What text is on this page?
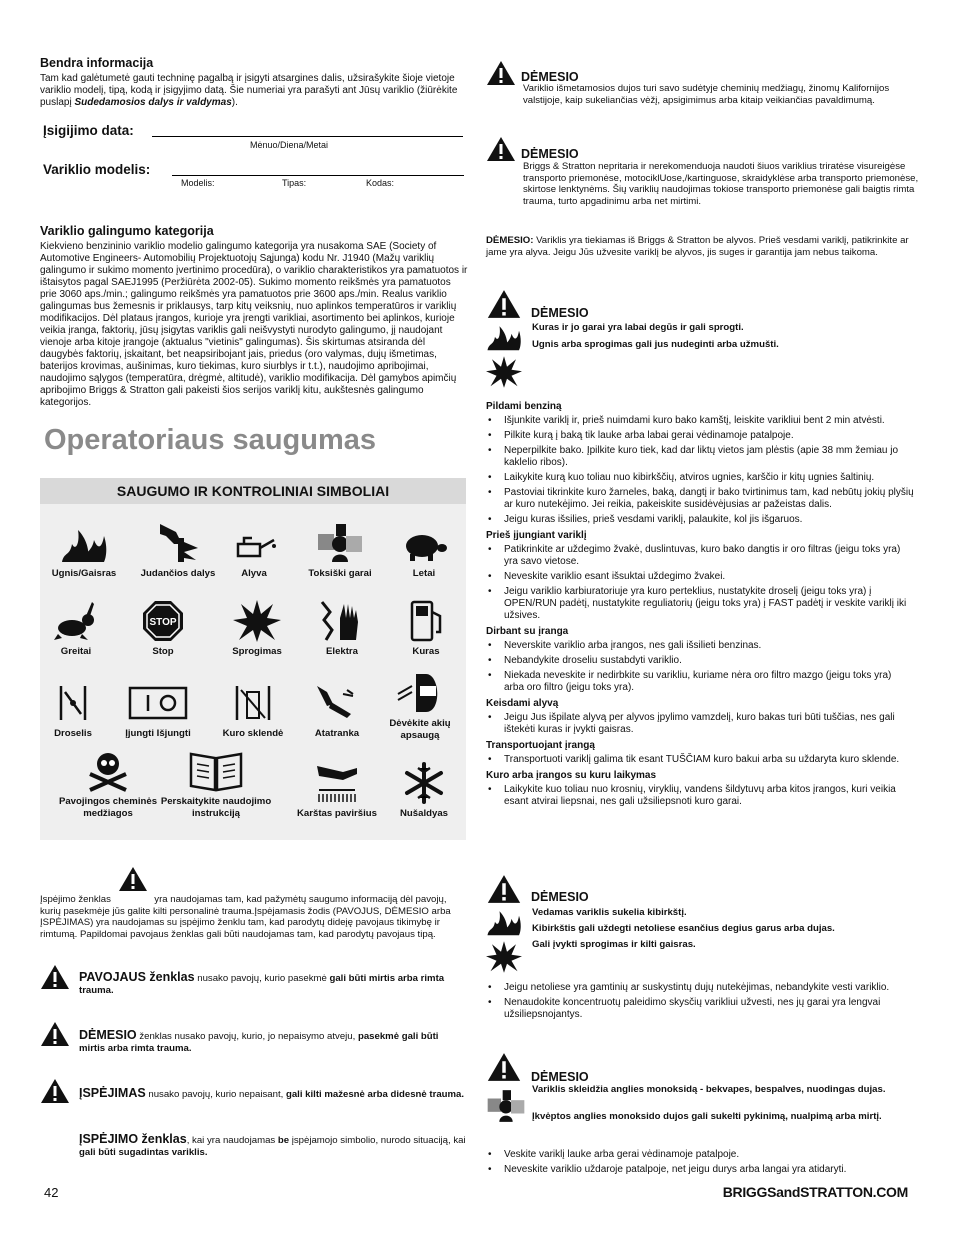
Bendra informacija
Tam kad galėtumetė gauti techninę pagalbą ir įsigyti atsargines dalis, užsirašykite šioje vietoje variklio modelį, tipą, kodą ir įsigyjimo datą. Šie numeriai yra parašyti ant Jūsų variklio (žiūrėkite puslapį Sudedamosios dalys ir valdymas).
Įsigijimo data:
Mėnuo/Diena/Metai
Variklio modelis:
Modelis:	Tipas:	Kodas:
Variklio galingumo kategorija
Kiekvieno benzininio variklio modelio galingumo kategorija yra nusakoma SAE (Society of Automotive Engineers- Automobilių Projektuotojų Sąjunga) kodu Nr. J1940 (Mažų variklių galingumo ir sukimo momento įvertinimo procedūra), o variklio charakteristikos yra pamatuotos ir ištaisytos pagal SAEJ1995 (Peržiūrėta 2002-05). Sukimo momento reikšmės yra pamatuotos prie 3060 aps./min.; galingumo reikšmės yra pamatuotos prie 3600 aps./min. Realus variklio galingumas bus žemesnis ir priklausys, tarp kitų veiksnių, nuo aplinkos temperatūros ir variklių modifikacijos. Dėl plataus įrangos, kurioje yra įrengti varikliai, asortimento bei aplinkos, kurioje veikia įranga, faktorių, jūsų įsigytas variklis gali neišvystyti nurodyto galingumo, jį naudojant vienoje arba kitoje įrangoje (aktualus "vietinis" galingumas). Šis skirtumas atsiranda dėl daugybės faktorių, įskaitant, bet neapsiribojant jais, priedus (oro valymas, dujų išmetimas, baterijos krovimas, aušinimas, kuro tiekimas, kuro siurblys ir t.t.), naudojimo apribojimai, naudojimo sąlygos (temperatūra, drėgmė, altitudė), variklio modifikacija. Dėl gamybos apimčių apribojimo Briggs & Stratton gali pakeisti šios serijos variklį kitu, aukštesnės galingumo kategorijos.
Operatoriaus saugumas
SAUGUMO IR KONTROLINIAI SIMBOLIAI
Ugnis/Gaisras	Judančios dalys	Alyva	Toksiški garai	Letai
Greitai
STOP
Stop	Sprogimas	Elektra	Kuras
Droselis	Įjungti Išjungti	Kuro sklendė	Atatranka
Dėvėkite akių apsaugą
Pavojingos cheminės medžiagos
Perskaitykite naudojimo instrukciją	Karštas paviršius	Nušaldyas
Įspėjimo ženklas	yra naudojamas tam, kad pažymėtų saugumo informaciją dėl pavojų, kurių pasekmėje jūs galite kilti personalinė trauma.Įspėjamasis žodis (PAVOJUS, DĖMESIO arba ĮSPĖJIMAS) yra naudojamas su įspėjimo ženklu tam, kad parodytų dideįę pavojaus tikimybę ir rimtumą. Papildomai pavojaus ženklas gali būti naudojamas tam, kad parodytų pavojaus tipą.
PAVOJAUS ženklas nusako pavojų, kurio pasekmė gali būti mirtis arba rimta trauma.
DĖMESIO ženklas nusako pavojų, kurio, jo nepaisymo atveju, pasekmė gali būti mirtis arba rimta trauma.
ĮSPĖJIMAS nusako pavojų, kurio nepaisant, gali kilti mažesnė arba didesnė trauma.
ĮSPĖJIMO ženklas, kai yra naudojamas be įspėjamojo simbolio, nurodo situaciją, kai gali būti sugadintas variklis.
42
DĖMESIO
Variklio išmetamosios dujos turi savo sudėtyje cheminių medžiagų, žinomų Kalifornijos valstijoje, kaip sukeliančias vėžį, apsigimimus arba kitaip veikiančias pavaldimumą.
DĖMESIO
Briggs & Stratton nepritaria ir nerekomenduoja naudoti šiuos variklius triratėse visureigėse transporto priemonėse, motociklUose,/kartinguose, skraidyklėse arba transporto priemonėse, skirtose lenktynėms. Šių variklių naudojimas tokiose transporto priemonėse gali baigtis rimta trauma, turto apgadinimu arba net mirtimi.
DĖMESIO: Variklis yra tiekiamas iš Briggs & Stratton be alyvos. Prieš vesdami variklį, patikrinkite ar jame yra alyva. Jeigu Jūs užvesite variklį be alyvos, jis suges ir garantija jam nebus taikoma.
DĖMESIO
Kuras ir jo garai yra labai degūs ir gali sprogti.
Ugnis arba sprogimas gali jus nudeginti arba užmušti.
Pildami benziną
• Išjunkite variklį ir, prieš nuimdami kuro bako kamštį, leiskite varikliui bent 2 min atvėsti.
• Pilkite kurą į baką tik lauke arba labai gerai vėdinamoje patalpoje.
• Neperpilkite bako. Įpilkite kuro tiek, kad dar liktų vietos jam plėstis (apie 38 mm žemiau jo kaklelio ribos).
• Laikykite kurą kuo toliau nuo kibirkščių, atviros ugnies, karščio ir kitų ugnies šaltinių.
• Pastoviai tikrinkite kuro žarneles, baką, dangtį ir bako tvirtinimus tam, kad nebūtų jokių plyšių ar kuro nutekėjimo. Jei reikia, pakeiskite susidėvėjusias ar pažeistas dalis.
• Jeigu kuras išsilies, prieš vesdami variklį, palaukite, kol jis išgaruos.
Prieš įjungiant variklį
• Patikrinkite ar uždegimo žvakė, duslintuvas, kuro bako dangtis ir oro filtras (jeigu toks yra) yra savo vietose.
• Neveskite variklio esant išsuktai uždegimo žvakei.
• Jeigu variklio karbiuratoriuje yra kuro perteklius, nustatykite droselį (jeigu toks yra) į OPEN/RUN padėtį, nustatykite reguliatorių (jeigu toks yra) į FAST padėtį ir veskite variklį iki užsives.
Dirbant su įranga
• Neverskite variklio arba įrangos, nes gali išsilieti benzinas.
• Nebandykite droseliu sustabdyti variklio.
• Niekada neveskite ir nedirbkite su varikliu, kuriame nėra oro filtro mazgo (jeigu toks yra) arba oro filtro (jeigu toks yra).
Keisdami alyvą
• Jeigu Jus išpilate alyvą per alyvos įpylimo vamzdelį, kuro bakas turi būti tuščias, nes gali ištekėti kuras ir įvykti gaisras.
Transportuojant įrangą
• Transportuoti variklį galima tik esant TUŠČIAM kuro bakui arba su uždaryta kuro sklende.
Kuro arba įrangos su kuru laikymas
• Laikykite kuo toliau nuo krosnių, viryklių, vandens šildytuvų arba kitos įrangos, kuri veikia esant atvirai liepsnai, nes gali užsiliepsnoti kuro garai.
DĖMESIO
Vedamas variklis sukelia kibirkštį.
Kibirkštis gali uždegti netoliese esančius degius garus arba dujas.
Gali įvykti sprogimas ir kilti gaisras.
• Jeigu netoliese yra gamtinių ar suskystintų dujų nutekėjimas, nebandykite vesti variklio.
• Nenaudokite koncentruotų paleidimo skysčių varikliui užvesti, nes jų garai yra lengvai užsiliepsnojantys.
DĖMESIO
Variklis skleidžia anglies monoksidą - bekvapes, bespalves, nuodingas dujas.
Įkvėptos anglies monoksido dujos gali sukelti pykinimą, nualpimą arba mirtį.
• Veskite variklį lauke arba gerai vėdinamoje patalpoje.
• Neveskite variklio uždaroje patalpoje, net jeigu durys arba langai yra atidaryti.
BRIGGSandSTRATTON.COM
